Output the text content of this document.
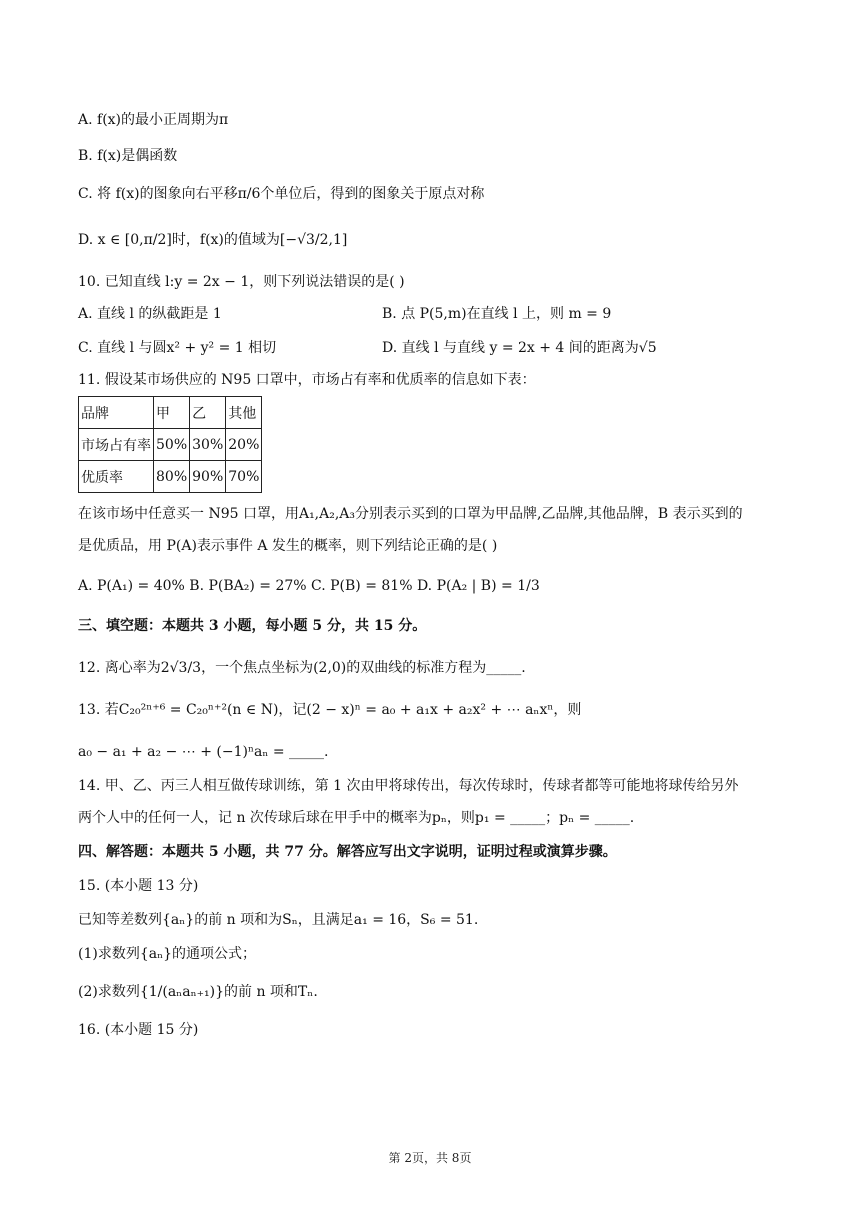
A. f(x)的最小正周期为π
B. f(x)是偶函数
C. 将 f(x)的图象向右平移π/6个单位后，得到的图象关于原点对称
D. x ∈ [0,π/2]时，f(x)的值域为[−√3/2,1]
10. 已知直线 l:y = 2x − 1，则下列说法错误的是( )
A. 直线 l 的纵截距是 1	B. 点 P(5,m)在直线 l 上，则 m = 9
C. 直线 l 与圆x² + y² = 1 相切	D. 直线 l 与直线 y = 2x + 4 间的距离为√5
11. 假设某市场供应的 N95 口罩中，市场占有率和优质率的信息如下表：
品牌	甲	乙	其他
市场占有率	50%	30%	20%
优质率	80%	90%	70%
在该市场中任意买一 N95 口罩，用A₁,A₂,A₃分别表示买到的口罩为甲品牌,乙品牌,其他品牌，B 表示买到的
是优质品，用 P(A)表示事件 A 发生的概率，则下列结论正确的是( )
A. P(A₁) = 40% B. P(BA₂) = 27% C. P(B) = 81% D. P(A₂ | B) = 1/3
三、填空题：本题共 3 小题，每小题 5 分，共 15 分。
12. 离心率为2√3/3，一个焦点坐标为(2,0)的双曲线的标准方程为_____.
13. 若C₂₀²ⁿ⁺⁶ = C₂₀ⁿ⁺²(n ∈ N)，记(2 − x)ⁿ = a₀ + a₁x + a₂x² + ⋯ aₙxⁿ，则
a₀ − a₁ + a₂ − ⋯ + (−1)ⁿaₙ = _____.
14. 甲、乙、丙三人相互做传球训练，第 1 次由甲将球传出，每次传球时，传球者都等可能地将球传给另外
两个人中的任何一人，记 n 次传球后球在甲手中的概率为pₙ，则p₁ = _____；pₙ = _____.
四、解答题：本题共 5 小题，共 77 分。解答应写出文字说明，证明过程或演算步骤。
15. (本小题 13 分)
已知等差数列{aₙ}的前 n 项和为Sₙ，且满足a₁ = 16，S₆ = 51.
(1)求数列{aₙ}的通项公式；
(2)求数列{1/(aₙaₙ₊₁)}的前 n 项和Tₙ.
16. (本小题 15 分)
第 2页，共 8页
